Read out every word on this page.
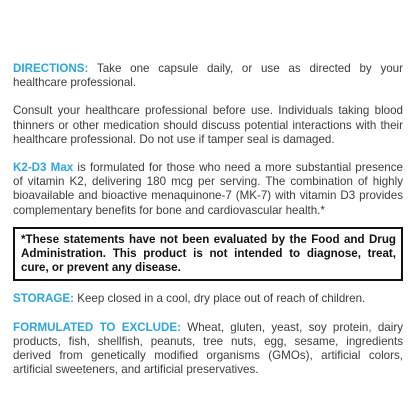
DIRECTIONS: Take one capsule daily, or use as directed by your healthcare professional.

Consult your healthcare professional before use. Individuals taking blood thinners or other medication should discuss potential interactions with their healthcare professional. Do not use if tamper seal is damaged.

K2-D3 Max is formulated for those who need a more substantial presence of vitamin K2, delivering 180 mcg per serving. The combination of highly bioavailable and bioactive menaquinone-7 (MK-7) with vitamin D3 provides complementary benefits for bone and cardiovascular health.*

*These statements have not been evaluated by the Food and Drug Administration. This product is not intended to diagnose, treat, cure, or prevent any disease.

STORAGE: Keep closed in a cool, dry place out of reach of children.

FORMULATED TO EXCLUDE: Wheat, gluten, yeast, soy protein, dairy products, fish, shellfish, peanuts, tree nuts, egg, sesame, ingredients derived from genetically modified organisms (GMOs), artificial colors, artificial sweeteners, and artificial preservatives.
